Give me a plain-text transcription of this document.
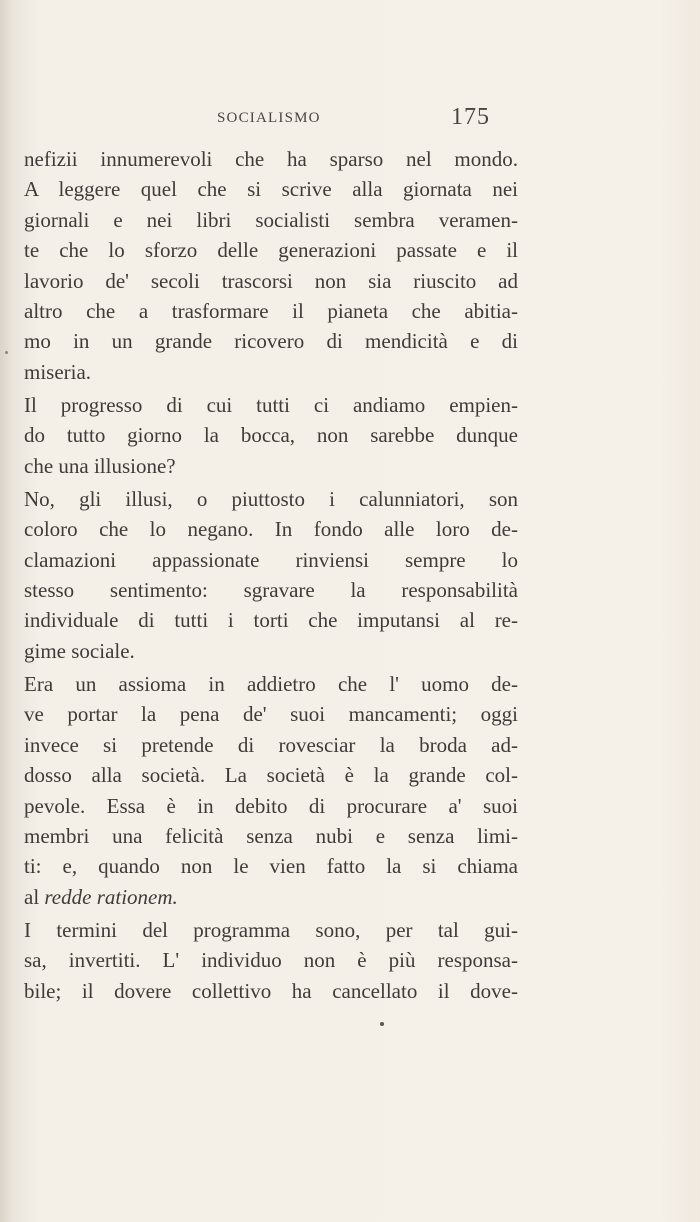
SOCIALISMO	175
nefizii innumerevoli che ha sparso nel mondo.
A leggere quel che si scrive alla giornata nei
giornali e nei libri socialisti sembra veramen-
te che lo sforzo delle generazioni passate e il
lavorio de' secoli trascorsi non sia riuscito ad
altro che a trasformare il pianeta che abitia-
mo in un grande ricovero di mendicità e di
miseria.
Il progresso di cui tutti ci andiamo empien-
do tutto giorno la bocca, non sarebbe dunque
che una illusione?
No, gli illusi, o piuttosto i calunniatori, son
coloro che lo negano. In fondo alle loro de-
clamazioni appassionate rinviensi sempre lo
stesso sentimento: sgravare la responsabilità
individuale di tutti i torti che imputansi al re-
gime sociale.
Era un assioma in addietro che l' uomo de-
ve portar la pena de' suoi mancamenti; oggi
invece si pretende di rovesciar la broda ad-
dosso alla società. La società è la grande col-
pevole. Essa è in debito di procurare a' suoi
membri una felicità senza nubi e senza limi-
ti: e, quando non le vien fatto la si chiama
al redde rationem.
I termini del programma sono, per tal gui-
sa, invertiti. L' individuo non è più responsa-
bile; il dovere collettivo ha cancellato il dove-
